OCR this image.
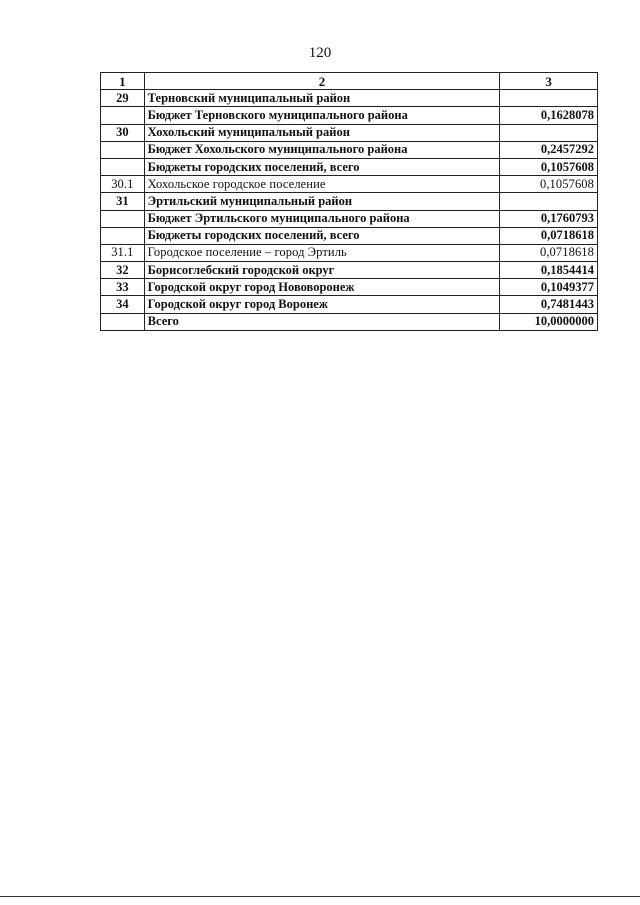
120
1	2	3
29	Терновский муниципальный район	
	Бюджет Терновского муниципального района	0,1628078
30	Хохольский муниципальный район	
	Бюджет Хохольского муниципального района	0,2457292
	Бюджеты городских поселений, всего	0,1057608
30.1	Хохольское городское поселение	0,1057608
31	Эртильский муниципальный район	
	Бюджет Эртильского муниципального района	0,1760793
	Бюджеты городских поселений, всего	0,0718618
31.1	Городское поселение – город Эртиль	0,0718618
32	Борисоглебский городской округ	0,1854414
33	Городской округ город Нововоронеж	0,1049377
34	Городской округ город Воронеж	0,7481443
	Всего	10,0000000
